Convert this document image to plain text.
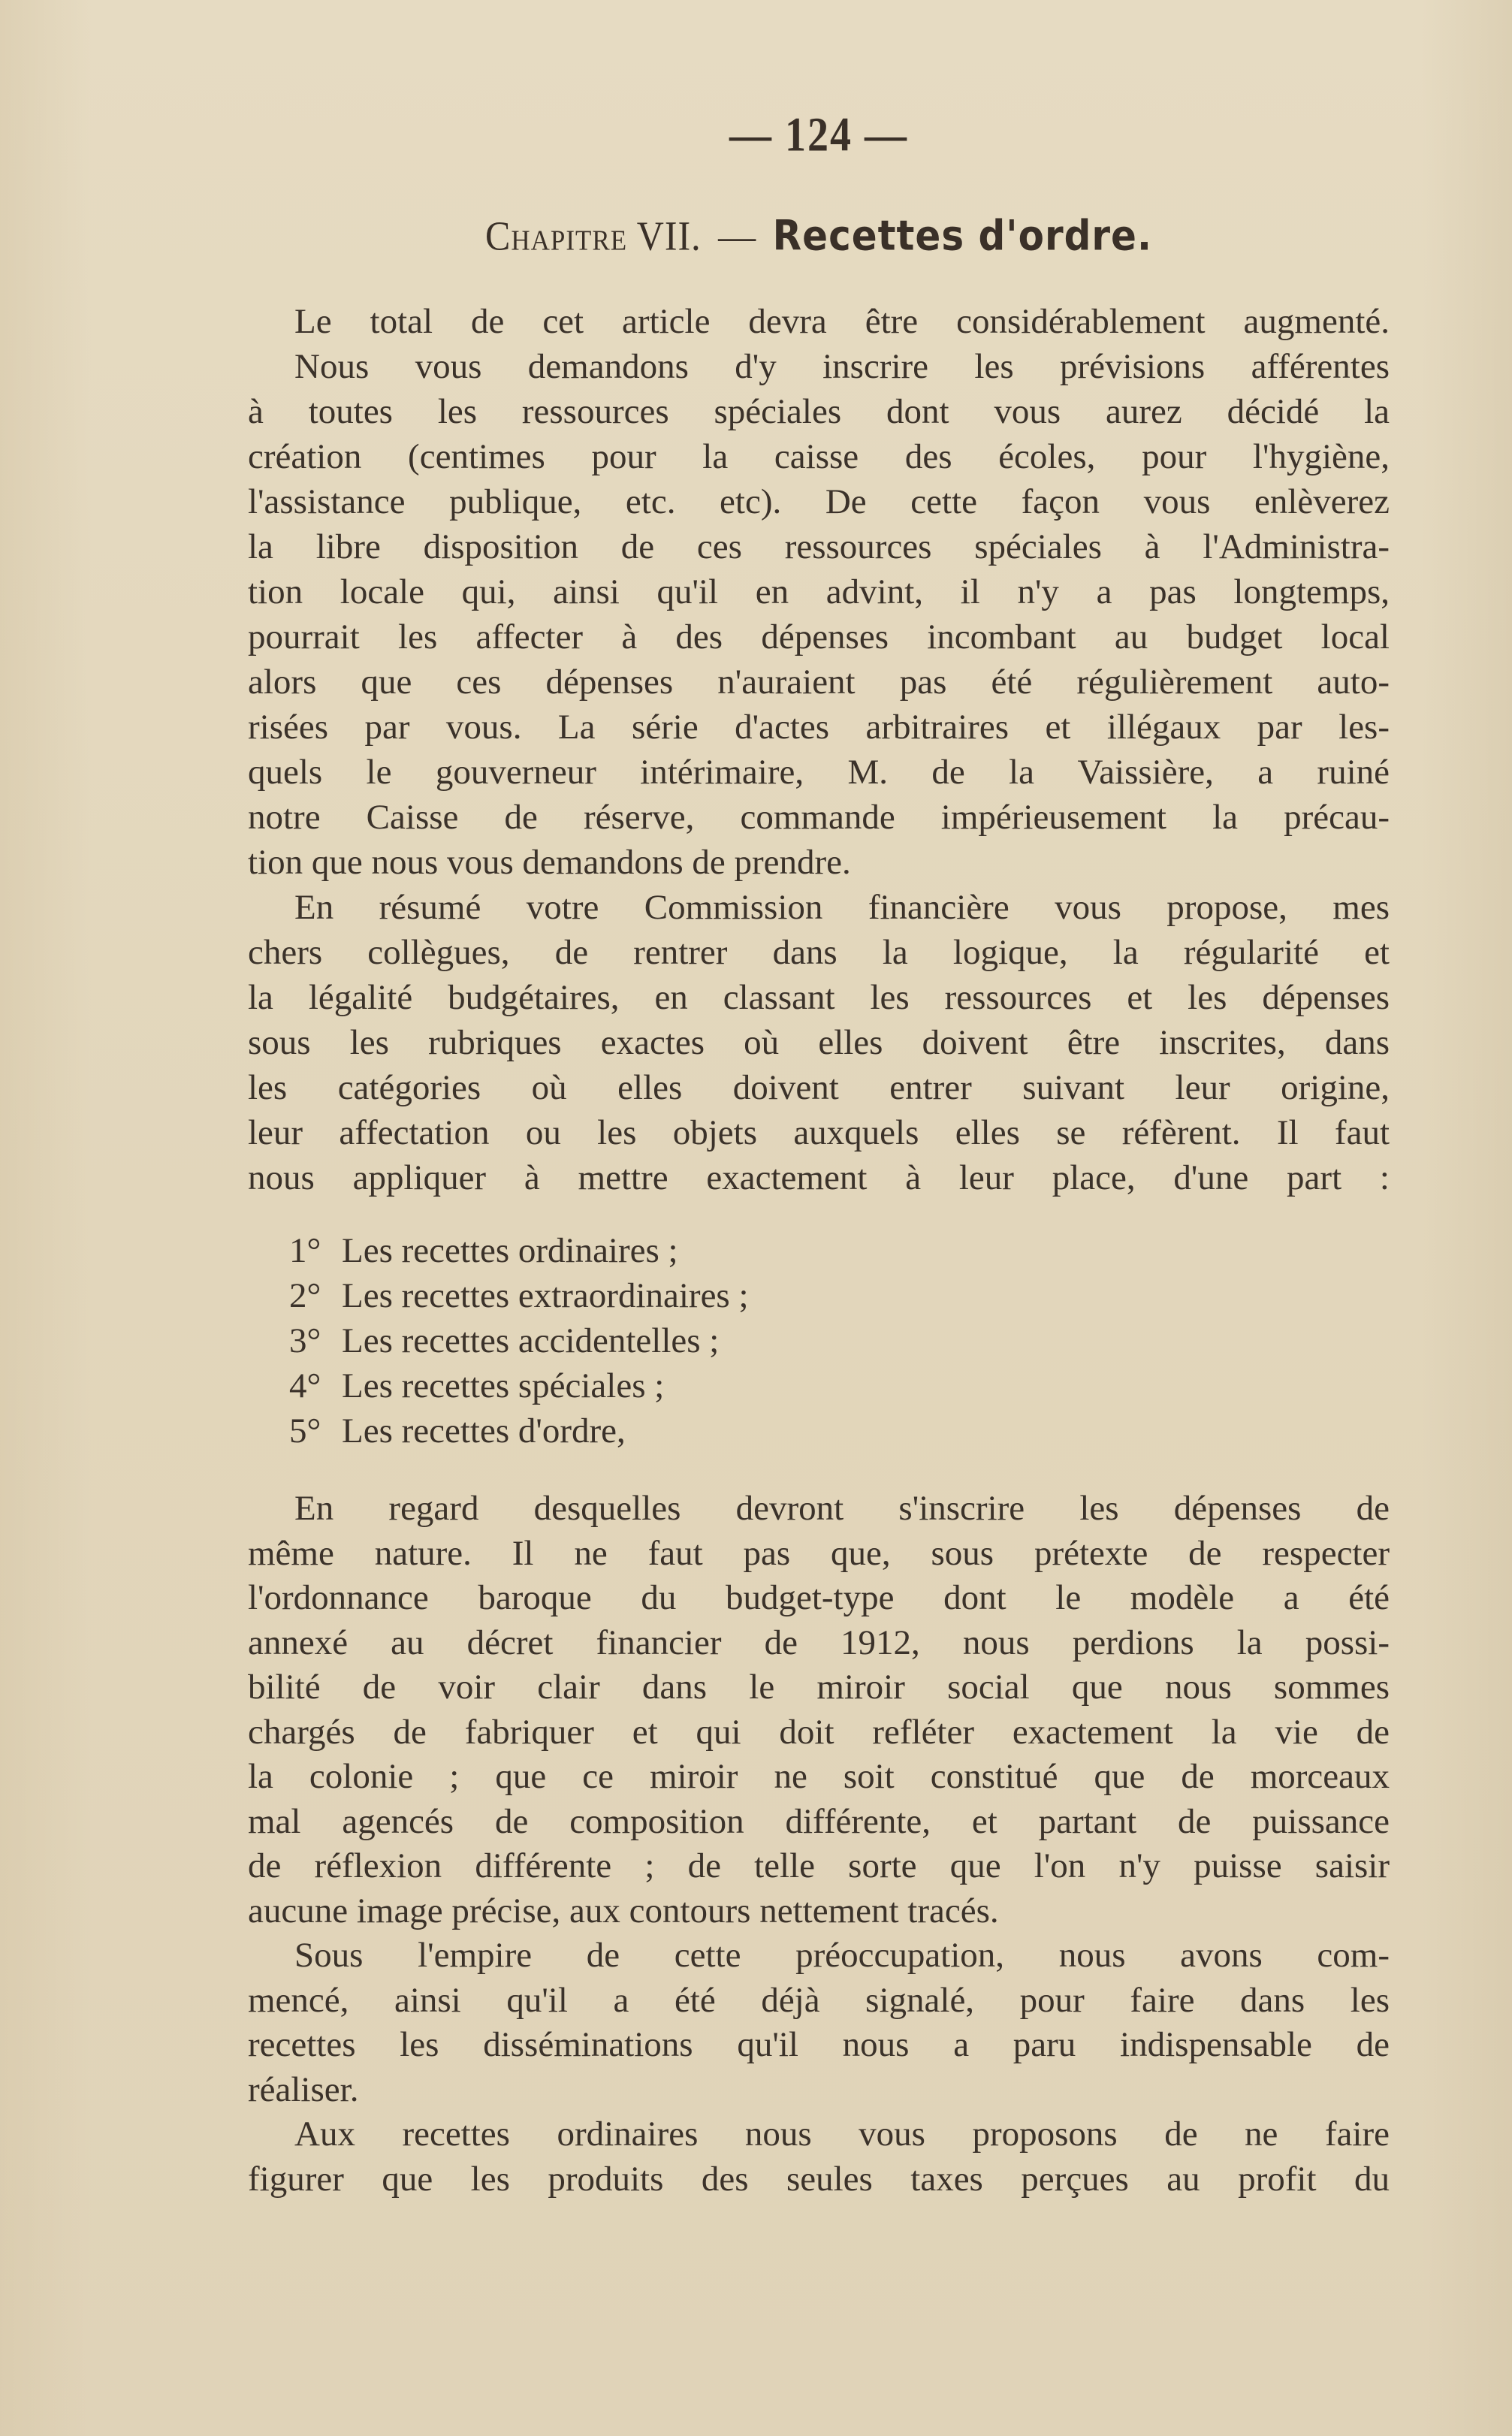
— 124 —
Chapitre VII. — Recettes d'ordre.
Le total de cet article devra être considérablement augmenté.
Nous vous demandons d'y inscrire les prévisions afférentes
à toutes les ressources spéciales dont vous aurez décidé la
création (centimes pour la caisse des écoles, pour l'hygiène,
l'assistance publique, etc. etc). De cette façon vous enlèverez
la libre disposition de ces ressources spéciales à l'Administra-
tion locale qui, ainsi qu'il en advint, il n'y a pas longtemps,
pourrait les affecter à des dépenses incombant au budget local
alors que ces dépenses n'auraient pas été régulièrement auto-
risées par vous. La série d'actes arbitraires et illégaux par les-
quels le gouverneur intérimaire, M. de la Vaissière, a ruiné
notre Caisse de réserve, commande impérieusement la précau-
tion que nous vous demandons de prendre.
En résumé votre Commission financière vous propose, mes
chers collègues, de rentrer dans la logique, la régularité et
la légalité budgétaires, en classant les ressources et les dépenses
sous les rubriques exactes où elles doivent être inscrites, dans
les catégories où elles doivent entrer suivant leur origine,
leur affectation ou les objets auxquels elles se réfèrent. Il faut
nous appliquer à mettre exactement à leur place, d'une part :
1° Les recettes ordinaires ;
2° Les recettes extraordinaires ;
3° Les recettes accidentelles ;
4° Les recettes spéciales ;
5° Les recettes d'ordre,
En regard desquelles devront s'inscrire les dépenses de
même nature. Il ne faut pas que, sous prétexte de respecter
l'ordonnance baroque du budget-type dont le modèle a été
annexé au décret financier de 1912, nous perdions la possi-
bilité de voir clair dans le miroir social que nous sommes
chargés de fabriquer et qui doit refléter exactement la vie de
la colonie ; que ce miroir ne soit constitué que de morceaux
mal agencés de composition différente, et partant de puissance
de réflexion différente ; de telle sorte que l'on n'y puisse saisir
aucune image précise, aux contours nettement tracés.
Sous l'empire de cette préoccupation, nous avons com-
mencé, ainsi qu'il a été déjà signalé, pour faire dans les
recettes les disséminations qu'il nous a paru indispensable de
réaliser.
Aux recettes ordinaires nous vous proposons de ne faire
figurer que les produits des seules taxes perçues au profit du
